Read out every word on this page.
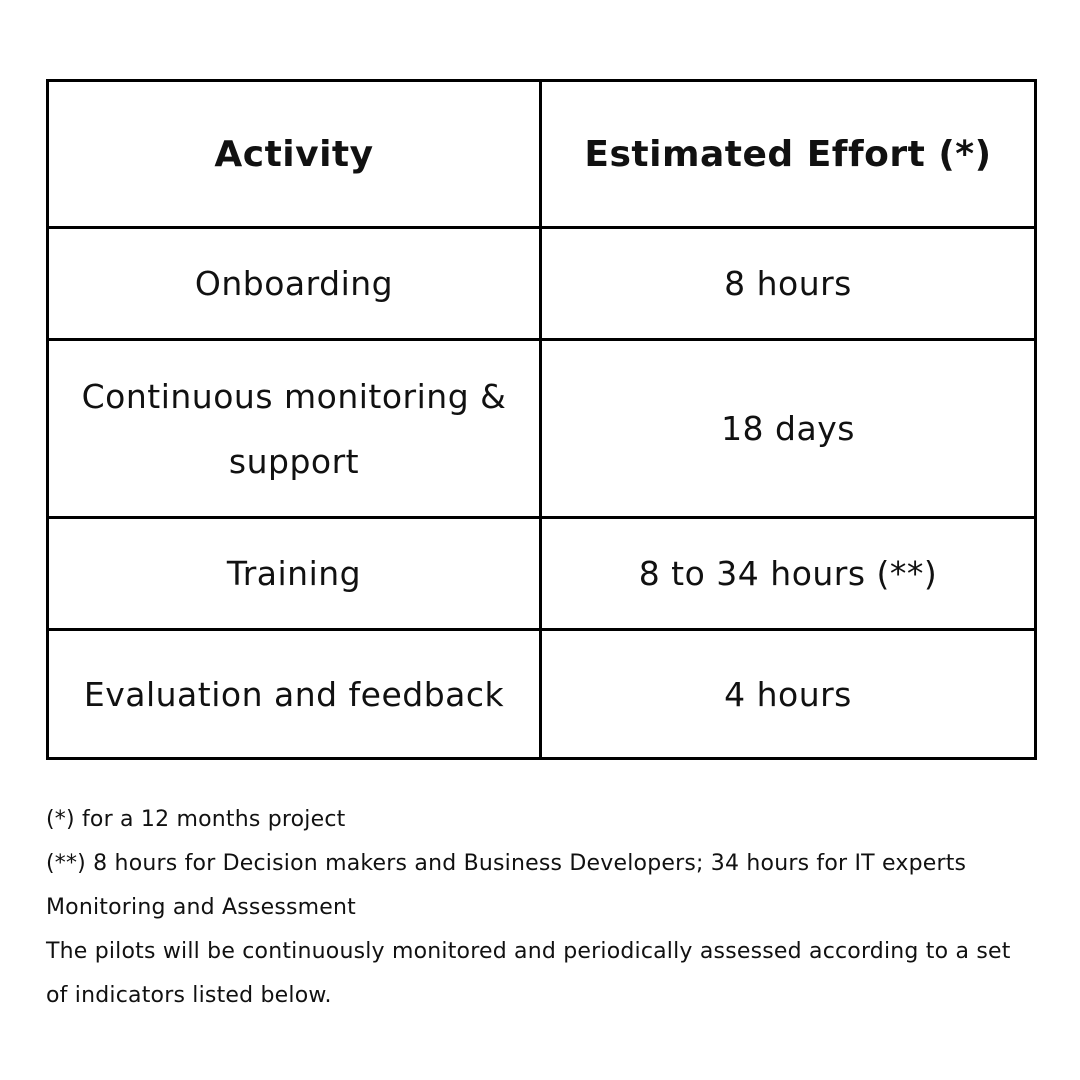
Activity	Estimated Effort (*)
Onboarding	8 hours
Continuous monitoring & support	18 days
Training	8 to 34 hours (**)
Evaluation and feedback	4 hours

(*) for a 12 months project

(**) 8 hours for Decision makers and Business Developers; 34 hours for IT experts

Monitoring and Assessment

The pilots will be continuously monitored and periodically assessed according to a set of indicators listed below.
